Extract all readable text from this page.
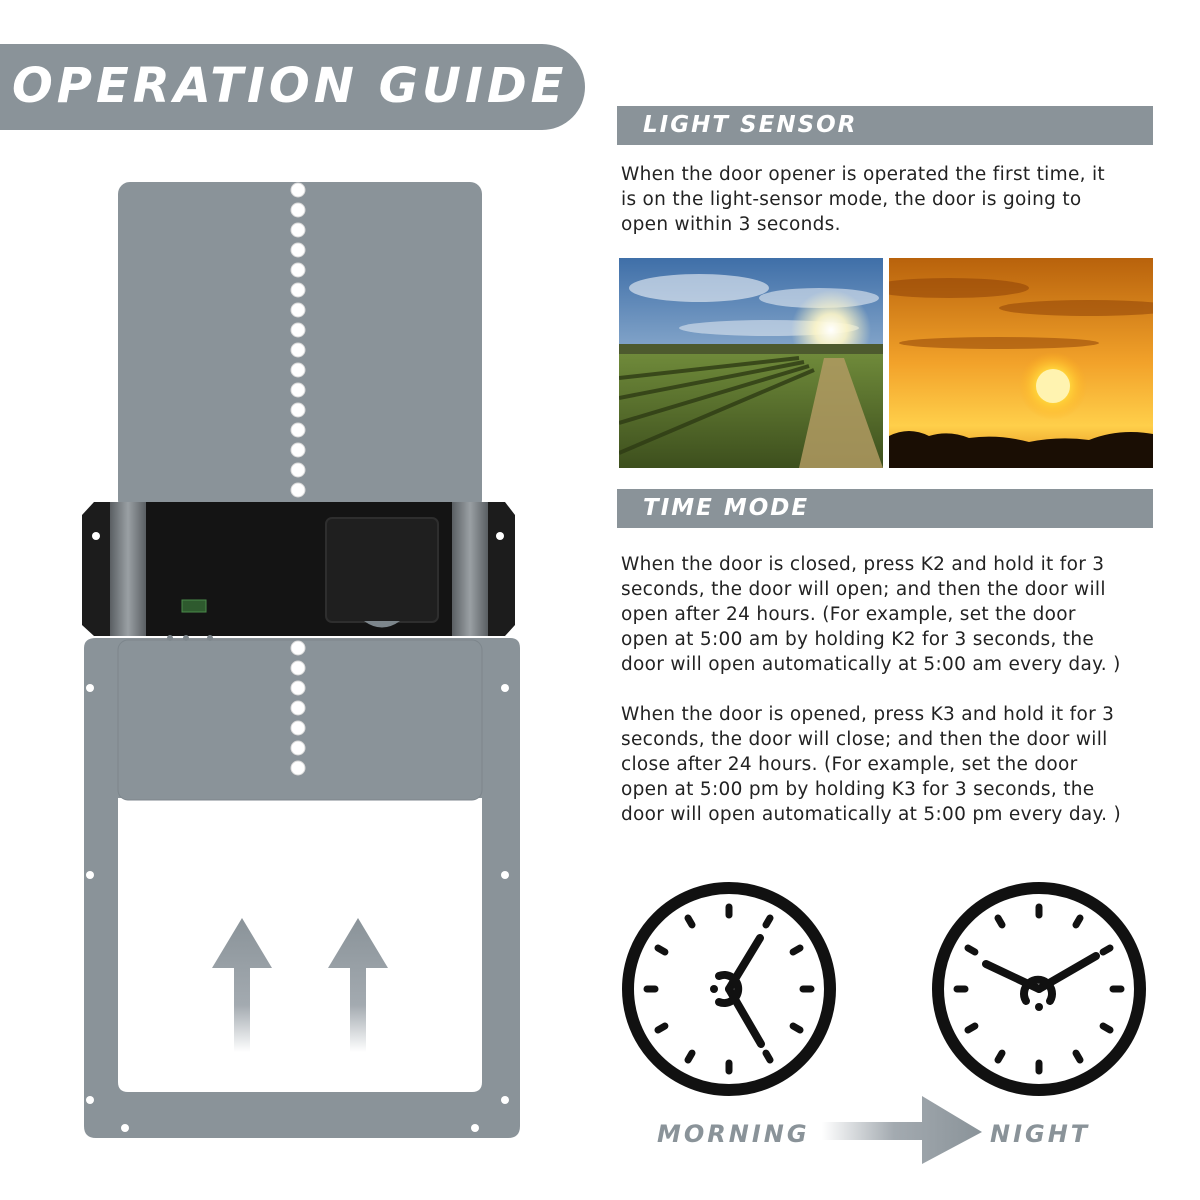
OPERATION GUIDE
LIGHT SENSOR
When the door opener is operated the first time, it
is on the light-sensor mode, the door is going to
open within 3 seconds.
TIME MODE
When the door is closed, press K2 and hold it for 3
seconds, the door will open; and then the door will
open after 24 hours. (For example, set the door
open at 5:00 am by holding K2 for 3 seconds, the
door will open automatically at 5:00 am every day. )
When the door is opened, press K3 and hold it for 3
seconds, the door will close; and then the door will
close after 24 hours. (For example, set the door
open at 5:00 pm by holding K3 for 3 seconds, the
door will open automatically at 5:00 pm every day. )
MORNING	NIGHT
